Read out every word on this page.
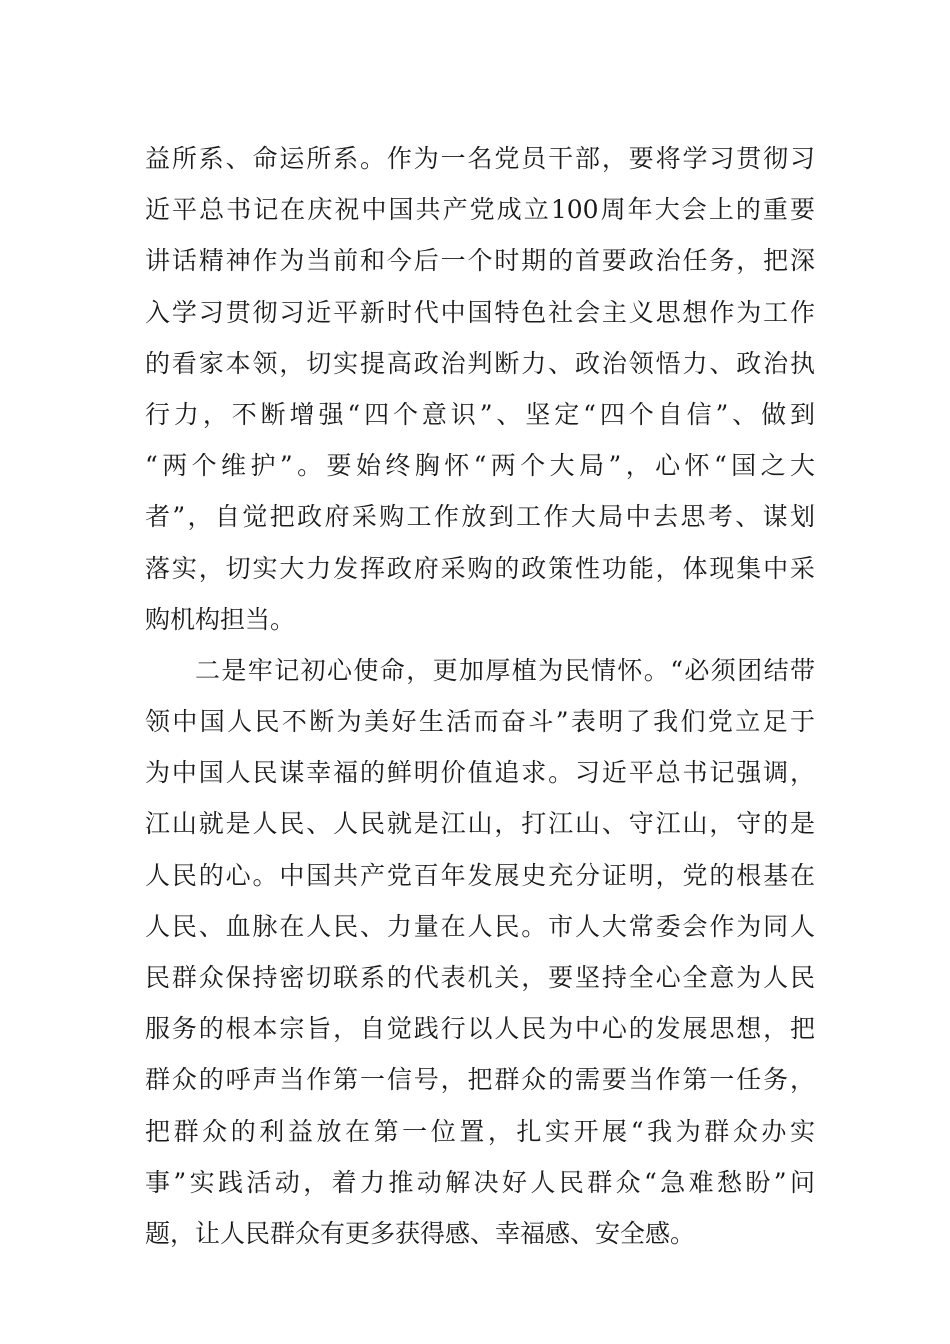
益所系、命运所系。作为一名党员干部，要将学习贯彻习
近平总书记在庆祝中国共产党成立100周年大会上的重要
讲话精神作为当前和今后一个时期的首要政治任务，把深
入学习贯彻习近平新时代中国特色社会主义思想作为工作
的看家本领，切实提高政治判断力、政治领悟力、政治执
行力，不断增强“四个意识”、坚定“四个自信”、做到
“两个维护”。要始终胸怀“两个大局”，心怀“国之大
者”，自觉把政府采购工作放到工作大局中去思考、谋划
落实，切实大力发挥政府采购的政策性功能，体现集中采
购机构担当。
二是牢记初心使命，更加厚植为民情怀。“必须团结带
领中国人民不断为美好生活而奋斗”表明了我们党立足于
为中国人民谋幸福的鲜明价值追求。习近平总书记强调，
江山就是人民、人民就是江山，打江山、守江山，守的是
人民的心。中国共产党百年发展史充分证明，党的根基在
人民、血脉在人民、力量在人民。市人大常委会作为同人
民群众保持密切联系的代表机关，要坚持全心全意为人民
服务的根本宗旨，自觉践行以人民为中心的发展思想，把
群众的呼声当作第一信号，把群众的需要当作第一任务，
把群众的利益放在第一位置，扎实开展“我为群众办实
事”实践活动，着力推动解决好人民群众“急难愁盼”问
题，让人民群众有更多获得感、幸福感、安全感。
